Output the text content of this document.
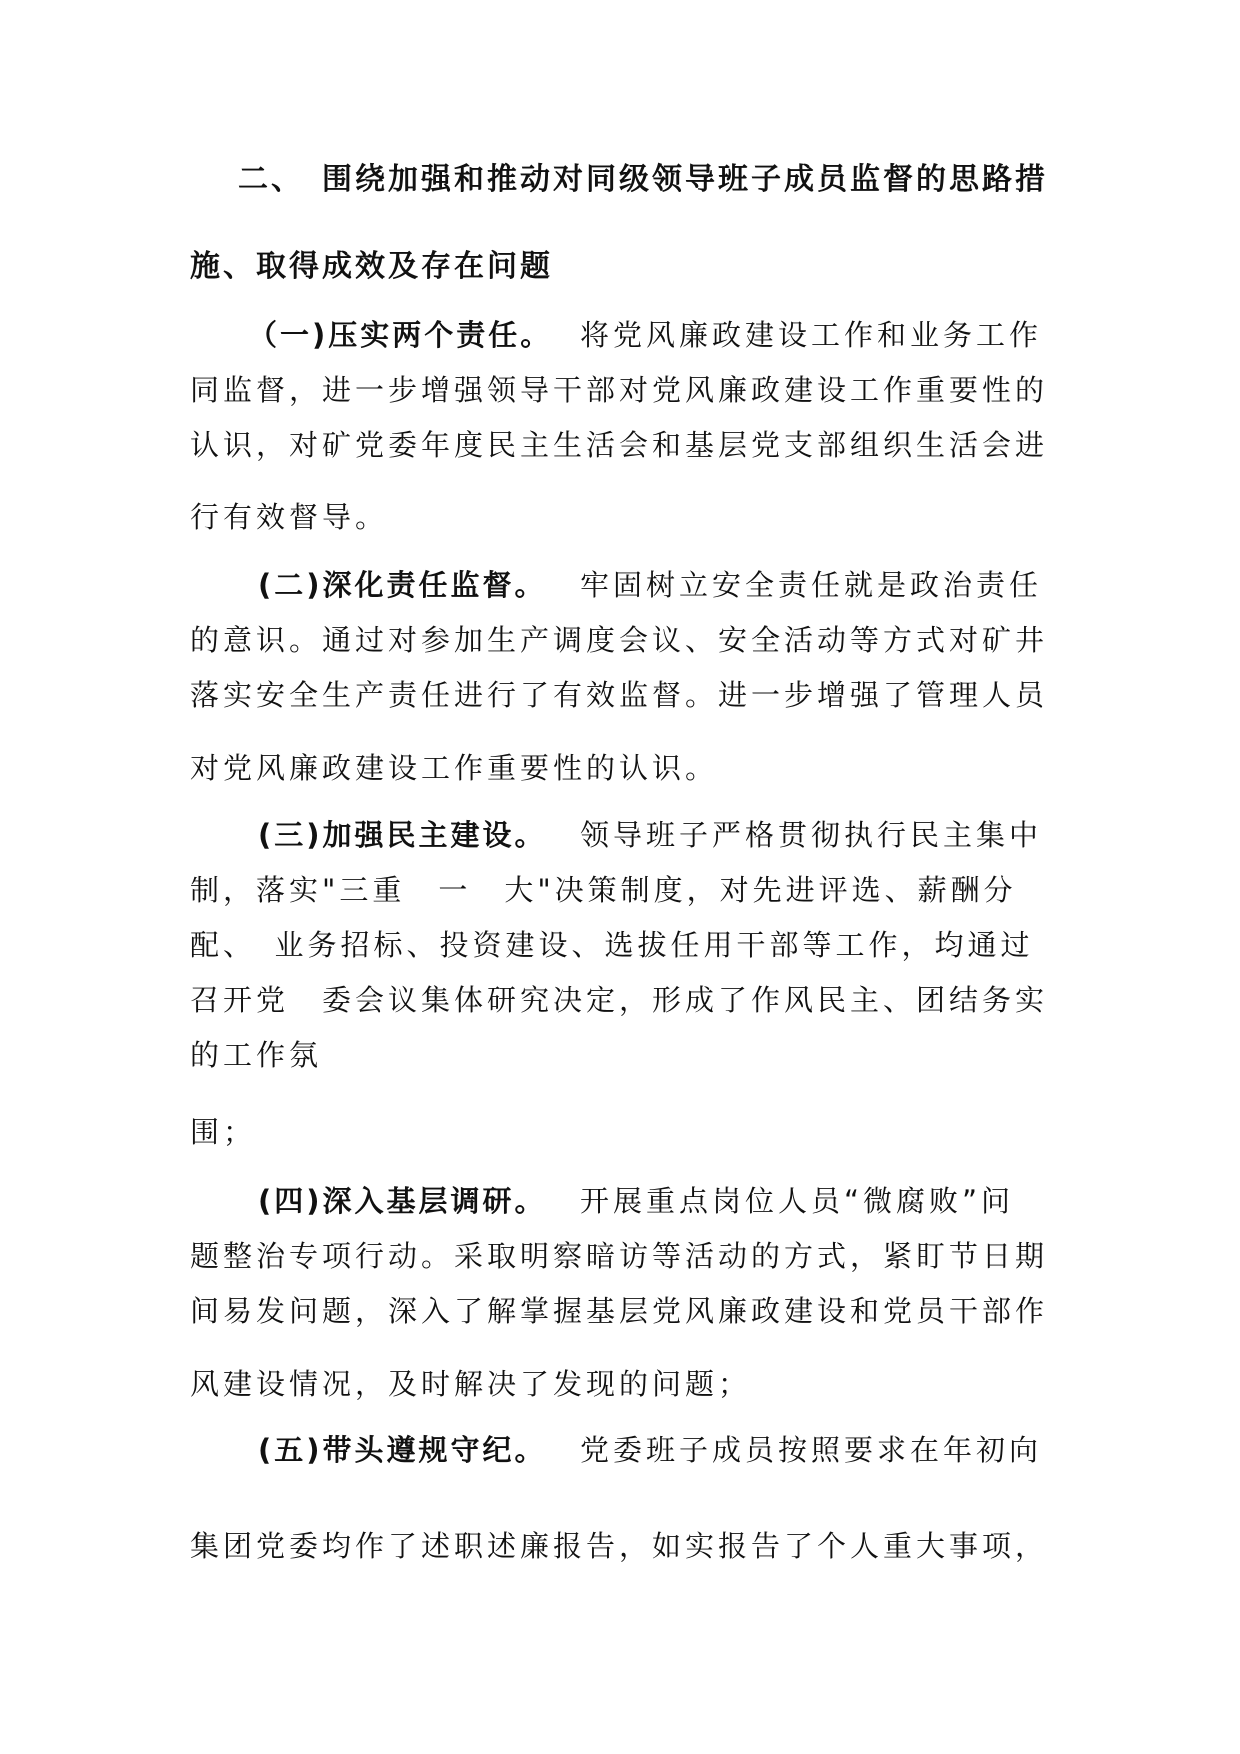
二、　围绕加强和推动对同级领导班子成员监督的思路措
施、取得成效及存在问题
（一)压实两个责任。 将党风廉政建设工作和业务工作
同监督，进一步增强领导干部对党风廉政建设工作重要性的
认识，对矿党委年度民主生活会和基层党支部组织生活会进
行有效督导。
(二)深化责任监督。 牢固树立安全责任就是政治责任
的意识。通过对参加生产调度会议、安全活动等方式对矿井
落实安全生产责任进行了有效监督。进一步增强了管理人员
对党风廉政建设工作重要性的认识。
(三)加强民主建设。 领导班子严格贯彻执行民主集中
制，落实"三重　一　大"决策制度，对先进评选、薪酬分
配、　业务招标、投资建设、选拔任用干部等工作，均通过
召开党　委会议集体研究决定，形成了作风民主、团结务实
的工作氛
围；
(四)深入基层调研。 开展重点岗位人员“微腐败”问
题整治专项行动。采取明察暗访等活动的方式，紧盯节日期
间易发问题，深入了解掌握基层党风廉政建设和党员干部作
风建设情况，及时解决了发现的问题；
(五)带头遵规守纪。 党委班子成员按照要求在年初向
集团党委均作了述职述廉报告，如实报告了个人重大事项，
